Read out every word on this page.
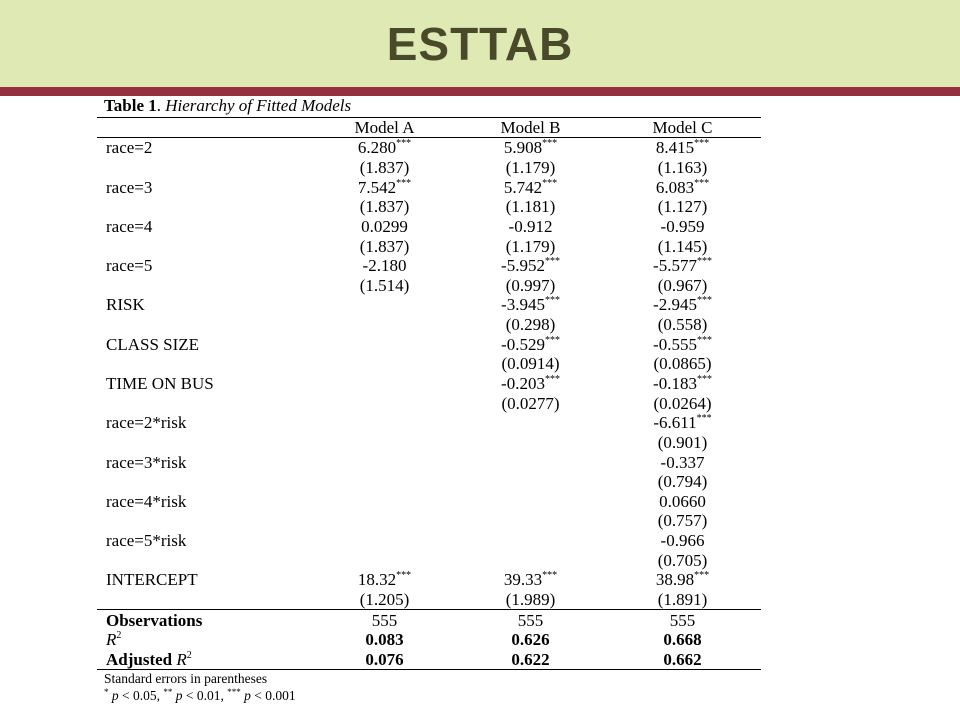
ESTTAB
Table 1. Hierarchy of Fitted Models
	Model A	Model B	Model C
race=2	6.280***	5.908***	8.415***
	(1.837)	(1.179)	(1.163)
race=3	7.542***	5.742***	6.083***
	(1.837)	(1.181)	(1.127)
race=4	0.0299	-0.912	-0.959
	(1.837)	(1.179)	(1.145)
race=5	-2.180	-5.952***	-5.577***
	(1.514)	(0.997)	(0.967)
RISK		-3.945***	-2.945***
		(0.298)	(0.558)
CLASS SIZE		-0.529***	-0.555***
		(0.0914)	(0.0865)
TIME ON BUS		-0.203***	-0.183***
		(0.0277)	(0.0264)
race=2*risk			-6.611***
			(0.901)
race=3*risk			-0.337
			(0.794)
race=4*risk			0.0660
			(0.757)
race=5*risk			-0.966
			(0.705)
INTERCEPT	18.32***	39.33***	38.98***
	(1.205)	(1.989)	(1.891)
Observations	555	555	555
$R^2$	0.083	0.626	0.668
Adjusted $R^2$	0.076	0.622	0.662
Standard errors in parentheses
* p < 0.05, ** p < 0.01, *** p < 0.001
